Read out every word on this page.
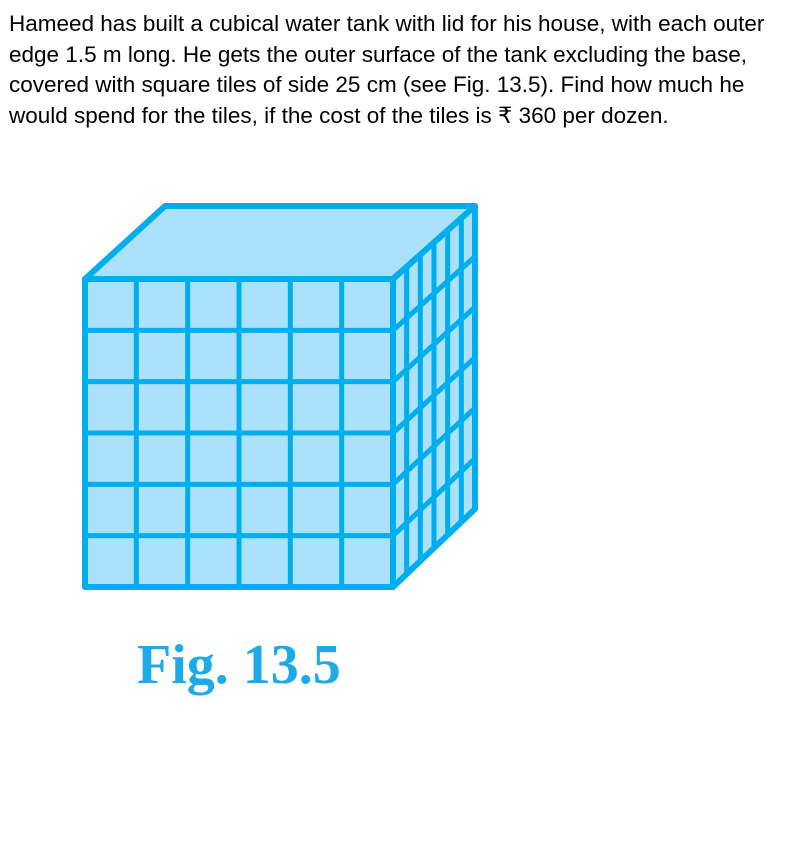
Hameed has built a cubical water tank with lid for his house, with each outer edge 1.5 m long. He gets the outer surface of the tank excluding the base, covered with square tiles of side 25 cm (see Fig. 13.5). Find how much he would spend for the tiles, if the cost of the tiles is ₹ 360 per dozen.

Fig. 13.5
